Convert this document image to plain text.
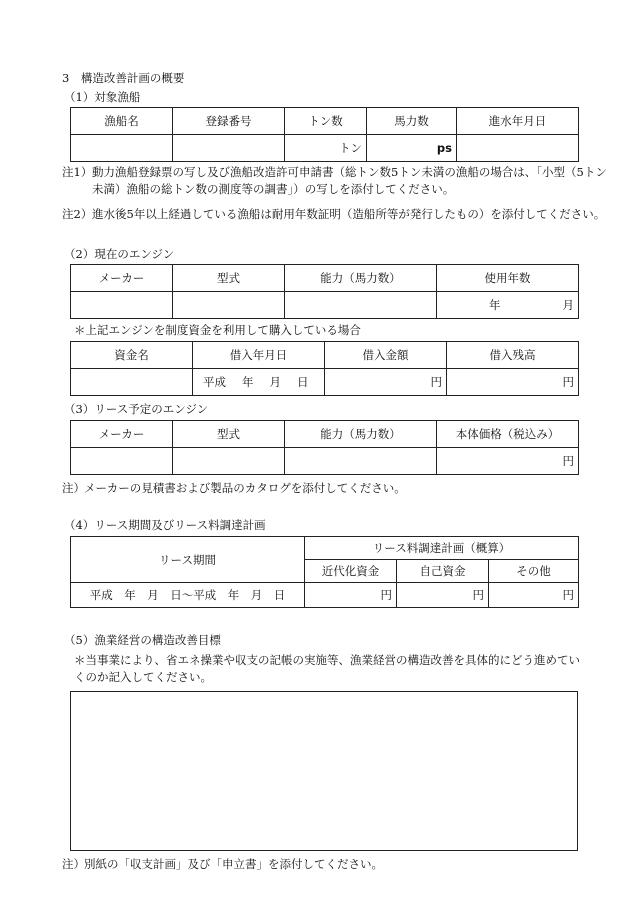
3　構造改善計画の概要
（1）対象漁船
漁船名	登録番号	トン数	馬力数	進水年月日
		トン	ps	
注1） 動力漁船登録票の写し及び漁船改造許可申請書（総トン数5トン未満の漁船の場合は、「小型（5トン未満）漁船の総トン数の測度等の調書」）の写しを添付してください。
注2） 進水後5年以上経過している漁船は耐用年数証明（造船所等が発行したもの）を添付してください。
（2）現在のエンジン
メーカー	型式	能力（馬力数）	使用年数

			年 月
＊上記エンジンを制度資金を利用して購入している場合
資金名	借入年月日	借入金額	借入残高
	平成 年 月 日	円	円
（3）リース予定のエンジン
メーカー	型式	能力（馬力数）	本体価格（税込み）
			円
注） メーカーの見積書および製品のカタログを添付してください。
（4）リース期間及びリース料調達計画
リース期間	リース料調達計画（概算）		
	近代化資金	自己資金	その他
平成　年　月　日～平成　年　月　日	円	円	円
（5）漁業経営の構造改善目標
＊当事業により、省エネ操業や収支の記帳の実施等、漁業経営の構造改善を具体的にどう進めていくのか記入してください。
注） 別紙の「収支計画」及び「申立書」を添付してください。
